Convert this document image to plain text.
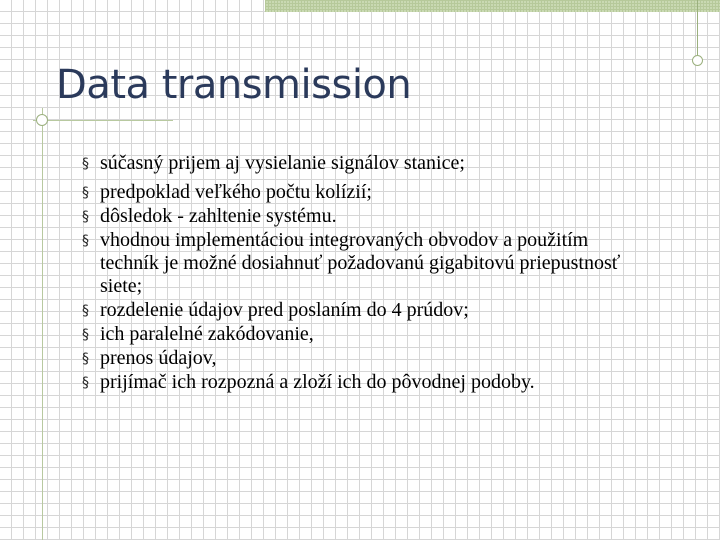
Data transmission
§ súčasný prijem aj vysielanie signálov stanice;
§ predpoklad veľkého počtu kolízií;
§ dôsledok - zahltenie systému.
§ vhodnou implementáciou integrovaných obvodov a použitím techník je možné dosiahnuť požadovanú gigabitovú priepustnosť siete;
§ rozdelenie údajov pred poslaním do 4 prúdov;
§ ich paralelné zakódovanie,
§ prenos údajov,
§ prijímač ich rozpozná a zloží ich do pôvodnej podoby.
